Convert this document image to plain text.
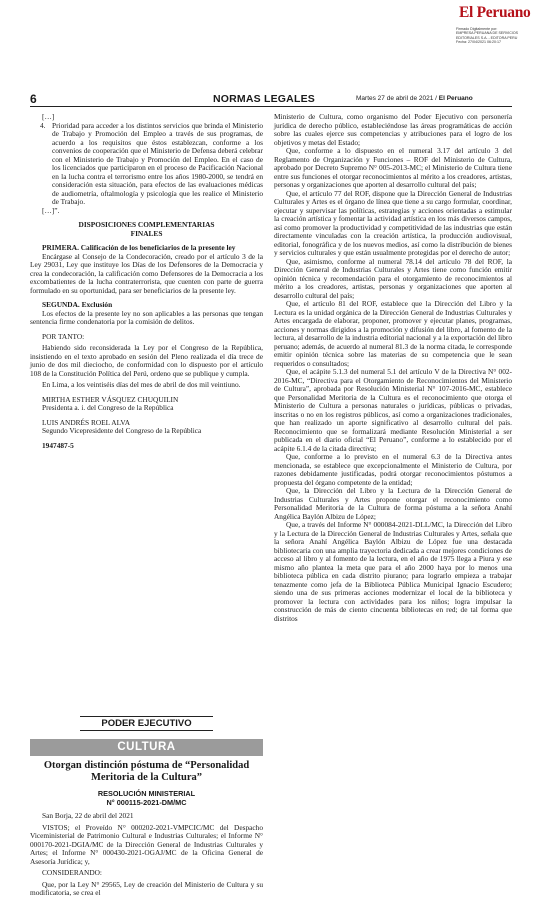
El Peruano
Firmado Digitalmente por:
EMPRESA PERUANA DE SERVICIOS
EDITORIALES S.A. - EDITORA PERU
Fecha: 27/04/2021 06:20:17
6	NORMAS LEGALES	Martes 27 de abril de 2021 / El Peruano

[…]

4. Prioridad para acceder a los distintos servicios que brinda el Ministerio de Trabajo y Promoción del Empleo a través de sus programas, de acuerdo a los requisitos que éstos establezcan, conforme a los convenios de cooperación que el Ministerio de Defensa deberá celebrar con el Ministerio de Trabajo y Promoción del Empleo. En el caso de los licenciados que participaron en el proceso de Pacificación Nacional en la lucha contra el terrorismo entre los años 1980-2000, se tendrá en consideración esta situación, para efectos de las evaluaciones médicas de audiometría, oftalmología y psicología que les realice el Ministerio de Trabajo.

[…]”.

DISPOSICIONES COMPLEMENTARIAS

FINALES

PRIMERA. Calificación de los beneficiarios de la presente ley

Encárgase al Consejo de la Condecoración, creado por el artículo 3 de la Ley 29031, Ley que instituye los Días de los Defensores de la Democracia y crea la condecoración, la calificación como Defensores de la Democracia a los excombatientes de la lucha contraterrorista, que cuenten con parte de guerra formulado en su oportunidad, para ser beneficiarios de la presente ley.

SEGUNDA. Exclusión

Los efectos de la presente ley no son aplicables a las personas que tengan sentencia firme condenatoria por la comisión de delitos.

POR TANTO:

Habiendo sido reconsiderada la Ley por el Congreso de la República, insistiendo en el texto aprobado en sesión del Pleno realizada el día trece de junio de dos mil dieciocho, de conformidad con lo dispuesto por el artículo 108 de la Constitución Política del Perú, ordeno que se publique y cumpla.

En Lima, a los veintiséis días del mes de abril de dos mil veintiuno.

MIRTHA ESTHER VÁSQUEZ CHUQUILIN

Presidenta a. i. del Congreso de la República

LUIS ANDRÉS ROEL ALVA

Segundo Vicepresidente del Congreso de la República

1947487-5

PODER EJECUTIVO
CULTURA
Otorgan distinción póstuma de “Personalidad Meritoria de la Cultura”
RESOLUCIÓN MINISTERIAL
N° 000115-2021-DM/MC

San Borja, 22 de abril del 2021

VISTOS; el Proveído N° 000202-2021-VMPCIC/MC del Despacho Viceministerial de Patrimonio Cultural e Industrias Culturales; el Informe N° 000170-2021-DGIA/MC de la Dirección General de Industrias Culturales y Artes; el Informe N° 000430-2021-OGAJ/MC de la Oficina General de Asesoría Jurídica; y,

CONSIDERANDO:

Que, por la Ley N° 29565, Ley de creación del Ministerio de Cultura y su modificatoria, se crea el

Ministerio de Cultura, como organismo del Poder Ejecutivo con personería jurídica de derecho público, estableciéndose las áreas programáticas de acción sobre las cuales ejerce sus competencias y atribuciones para el logro de los objetivos y metas del Estado;

Que, conforme a lo dispuesto en el numeral 3.17 del artículo 3 del Reglamento de Organización y Funciones – ROF del Ministerio de Cultura, aprobado por Decreto Supremo N° 005-2013-MC; el Ministerio de Cultura tiene entre sus funciones el otorgar reconocimientos al mérito a los creadores, artistas, personas y organizaciones que aporten al desarrollo cultural del país;

Que, el artículo 77 del ROF, dispone que la Dirección General de Industrias Culturales y Artes es el órgano de línea que tiene a su cargo formular, coordinar, ejecutar y supervisar las políticas, estrategias y acciones orientadas a estimular la creación artística y fomentar la actividad artística en los más diversos campos, así como promover la productividad y competitividad de las industrias que están directamente vinculadas con la creación artística, la producción audiovisual, editorial, fonográfica y de los nuevos medios, así como la distribución de bienes y servicios culturales y que están usualmente protegidas por el derecho de autor;

Que, asimismo, conforme al numeral 78.14 del artículo 78 del ROF, la Dirección General de Industrias Culturales y Artes tiene como función emitir opinión técnica y recomendación para el otorgamiento de reconocimientos al mérito a los creadores, artistas, personas y organizaciones que aporten al desarrollo cultural del país;

Que, el artículo 81 del ROF, establece que la Dirección del Libro y la Lectura es la unidad orgánica de la Dirección General de Industrias Culturales y Artes encargada de elaborar, proponer, promover y ejecutar planes, programas, acciones y normas dirigidos a la promoción y difusión del libro, al fomento de la lectura, al desarrollo de la industria editorial nacional y a la exportación del libro peruano; además, de acuerdo al numeral 81.3 de la norma citada, le corresponde emitir opinión técnica sobre las materias de su competencia que le sean requeridos o consultados;

Que, el acápite 5.1.3 del numeral 5.1 del artículo V de la Directiva N° 002-2016-MC, “Directiva para el Otorgamiento de Reconocimientos del Ministerio de Cultura”, aprobada por Resolución Ministerial N° 107-2016-MC, establece que Personalidad Meritoria de la Cultura es el reconocimiento que otorga el Ministerio de Cultura a personas naturales o jurídicas, públicas o privadas, inscritas o no en los registros públicos, así como a organizaciones tradicionales, que han realizado un aporte significativo al desarrollo cultural del país. Reconocimiento que se formalizará mediante Resolución Ministerial a ser publicada en el diario oficial “El Peruano”, conforme a lo establecido por el acápite 6.1.4 de la citada directiva;

Que, conforme a lo previsto en el numeral 6.3 de la Directiva antes mencionada, se establece que excepcionalmente el Ministerio de Cultura, por razones debidamente justificadas, podrá otorgar reconocimientos póstumos a propuesta del órgano competente de la entidad;

Que, la Dirección del Libro y la Lectura de la Dirección General de Industrias Culturales y Artes propone otorgar el reconocimiento como Personalidad Meritoria de la Cultura de forma póstuma a la señora Anahí Angélica Baylón Albizu de López;

Que, a través del Informe N° 000084-2021-DLL/MC, la Dirección del Libro y la Lectura de la Dirección General de Industrias Culturales y Artes, señala que la señora Anahí Angélica Baylón Albizu de López fue una destacada bibliotecaria con una amplia trayectoria dedicada a crear mejores condiciones de acceso al libro y al fomento de la lectura, en el año de 1975 llega a Piura y ese mismo año plantea la meta que para el año 2000 haya por lo menos una biblioteca pública en cada distrito piurano; para lograrlo empieza a trabajar tenazmente como jefa de la Biblioteca Pública Municipal Ignacio Escudero; siendo una de sus primeras acciones modernizar el local de la biblioteca y promover la lectura con actividades para los niños; logra impulsar la construcción de más de ciento cincuenta bibliotecas en red; de tal forma que distritos
